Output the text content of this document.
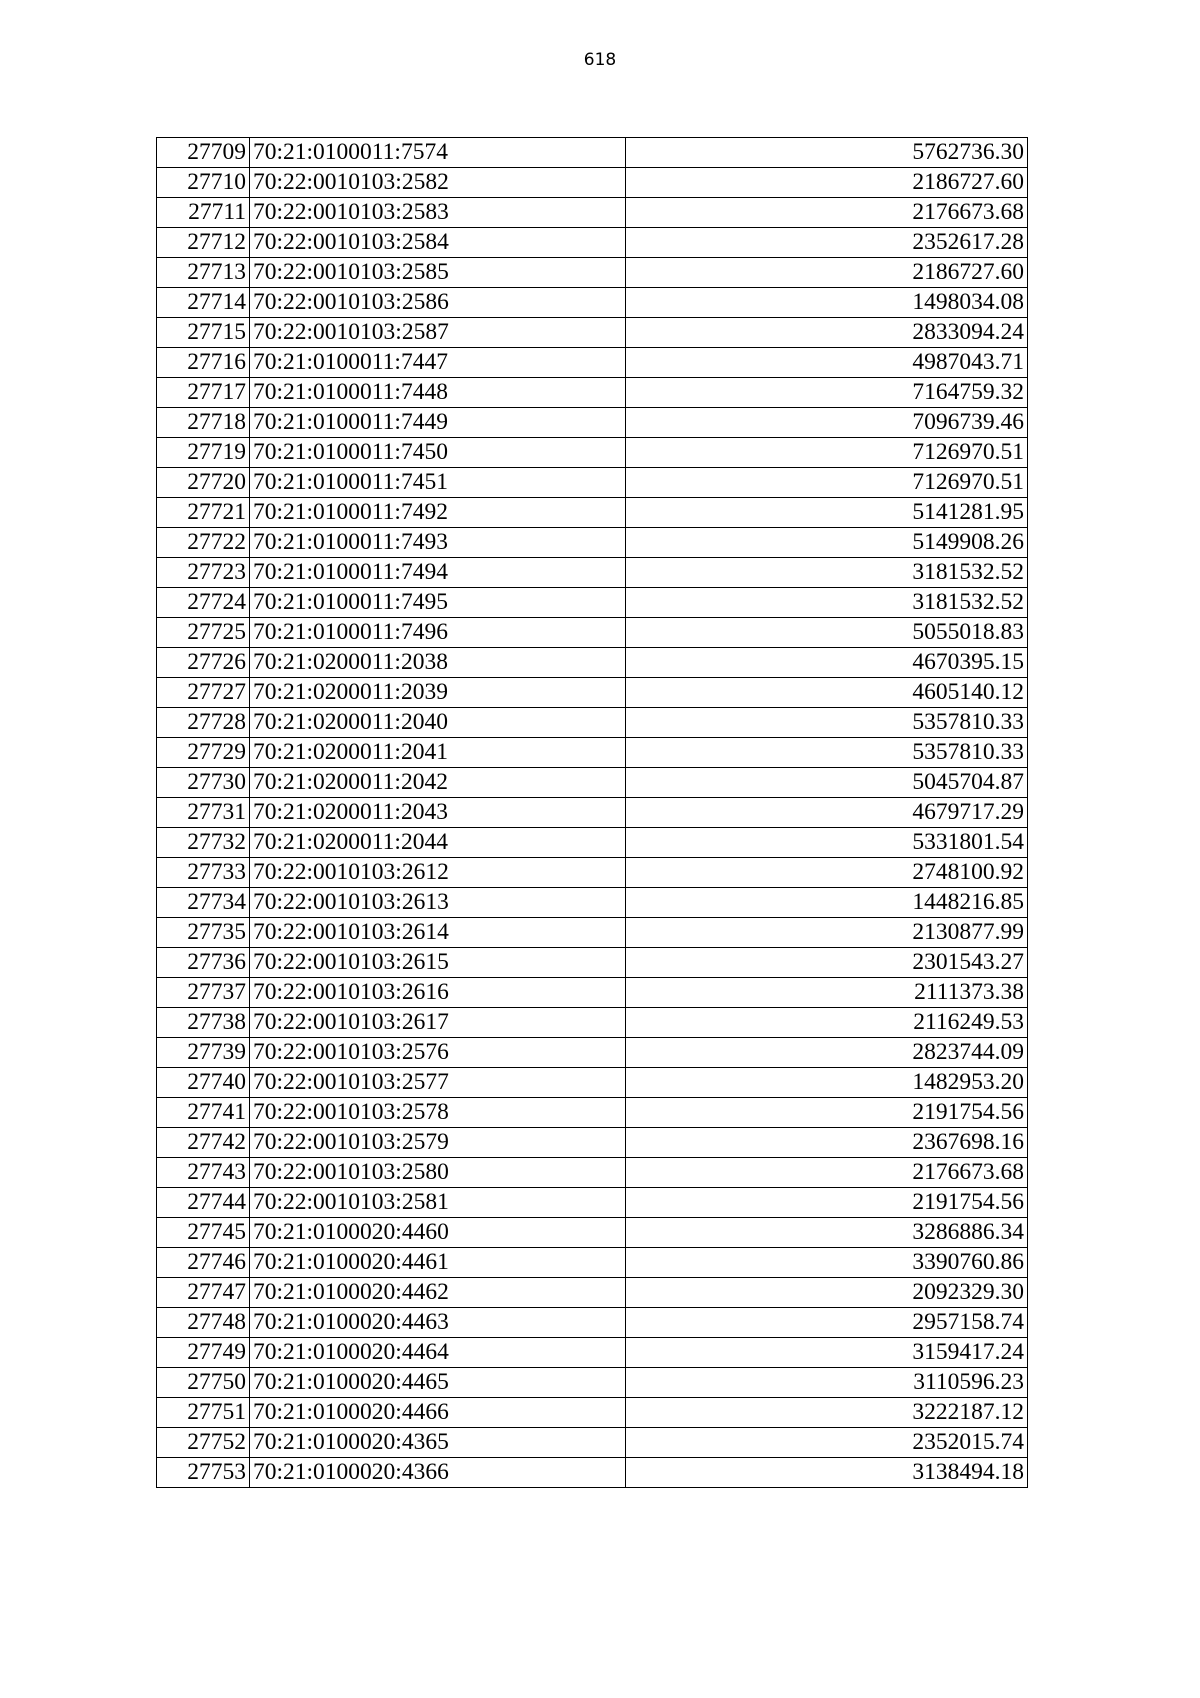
618
27709	70:21:0100011:7574	5762736.30
27710	70:22:0010103:2582	2186727.60
27711	70:22:0010103:2583	2176673.68
27712	70:22:0010103:2584	2352617.28
27713	70:22:0010103:2585	2186727.60
27714	70:22:0010103:2586	1498034.08
27715	70:22:0010103:2587	2833094.24
27716	70:21:0100011:7447	4987043.71
27717	70:21:0100011:7448	7164759.32
27718	70:21:0100011:7449	7096739.46
27719	70:21:0100011:7450	7126970.51
27720	70:21:0100011:7451	7126970.51
27721	70:21:0100011:7492	5141281.95
27722	70:21:0100011:7493	5149908.26
27723	70:21:0100011:7494	3181532.52
27724	70:21:0100011:7495	3181532.52
27725	70:21:0100011:7496	5055018.83
27726	70:21:0200011:2038	4670395.15
27727	70:21:0200011:2039	4605140.12
27728	70:21:0200011:2040	5357810.33
27729	70:21:0200011:2041	5357810.33
27730	70:21:0200011:2042	5045704.87
27731	70:21:0200011:2043	4679717.29
27732	70:21:0200011:2044	5331801.54
27733	70:22:0010103:2612	2748100.92
27734	70:22:0010103:2613	1448216.85
27735	70:22:0010103:2614	2130877.99
27736	70:22:0010103:2615	2301543.27
27737	70:22:0010103:2616	2111373.38
27738	70:22:0010103:2617	2116249.53
27739	70:22:0010103:2576	2823744.09
27740	70:22:0010103:2577	1482953.20
27741	70:22:0010103:2578	2191754.56
27742	70:22:0010103:2579	2367698.16
27743	70:22:0010103:2580	2176673.68
27744	70:22:0010103:2581	2191754.56
27745	70:21:0100020:4460	3286886.34
27746	70:21:0100020:4461	3390760.86
27747	70:21:0100020:4462	2092329.30
27748	70:21:0100020:4463	2957158.74
27749	70:21:0100020:4464	3159417.24
27750	70:21:0100020:4465	3110596.23
27751	70:21:0100020:4466	3222187.12
27752	70:21:0100020:4365	2352015.74
27753	70:21:0100020:4366	3138494.18
